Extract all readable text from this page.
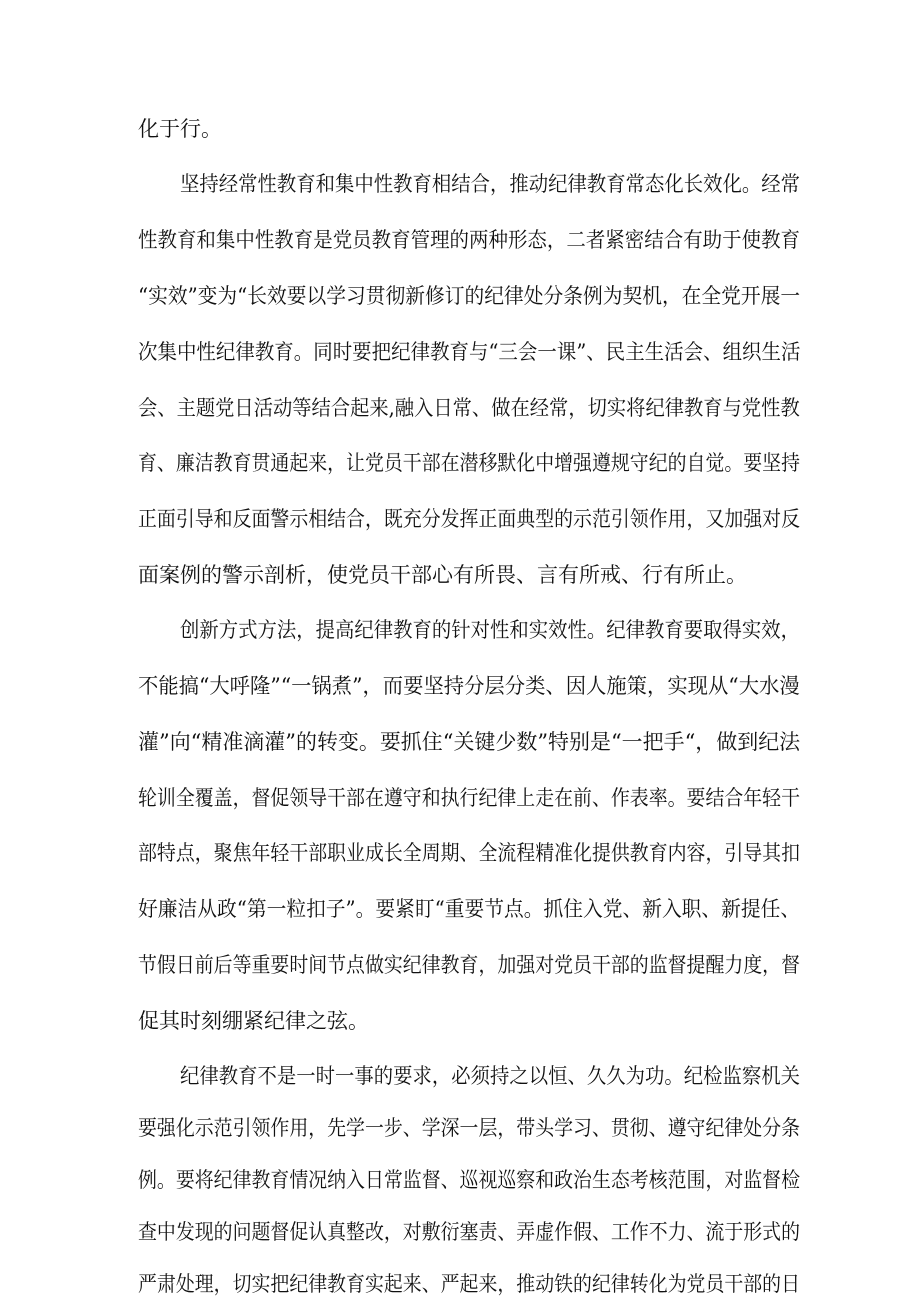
化于行。
坚持经常性教育和集中性教育相结合，推动纪律教育常态化长效化。经常
性教育和集中性教育是党员教育管理的两种形态，二者紧密结合有助于使教育
“实效”变为“长效要以学习贯彻新修订的纪律处分条例为契机，在全党开展一
次集中性纪律教育。同时要把纪律教育与“三会一课”、民主生活会、组织生活
会、主题党日活动等结合起来,融入日常、做在经常，切实将纪律教育与党性教
育、廉洁教育贯通起来，让党员干部在潜移默化中增强遵规守纪的自觉。要坚持
正面引导和反面警示相结合，既充分发挥正面典型的示范引领作用，又加强对反
面案例的警示剖析，使党员干部心有所畏、言有所戒、行有所止。
创新方式方法，提高纪律教育的针对性和实效性。纪律教育要取得实效，
不能搞“大呼隆”“一锅煮”，而要坚持分层分类、因人施策，实现从“大水漫
灌”向“精准滴灌”的转变。要抓住“关键少数”特别是“一把手“，做到纪法
轮训全覆盖，督促领导干部在遵守和执行纪律上走在前、作表率。要结合年轻干
部特点，聚焦年轻干部职业成长全周期、全流程精准化提供教育内容，引导其扣
好廉洁从政“第一粒扣子”。要紧盯“重要节点。抓住入党、新入职、新提任、
节假日前后等重要时间节点做实纪律教育，加强对党员干部的监督提醒力度，督
促其时刻绷紧纪律之弦。
纪律教育不是一时一事的要求，必须持之以恒、久久为功。纪检监察机关
要强化示范引领作用，先学一步、学深一层，带头学习、贯彻、遵守纪律处分条
例。要将纪律教育情况纳入日常监督、巡视巡察和政治生态考核范围，对监督检
查中发现的问题督促认真整改，对敷衍塞责、弄虚作假、工作不力、流于形式的
严肃处理，切实把纪律教育实起来、严起来，推动铁的纪律转化为党员干部的日
